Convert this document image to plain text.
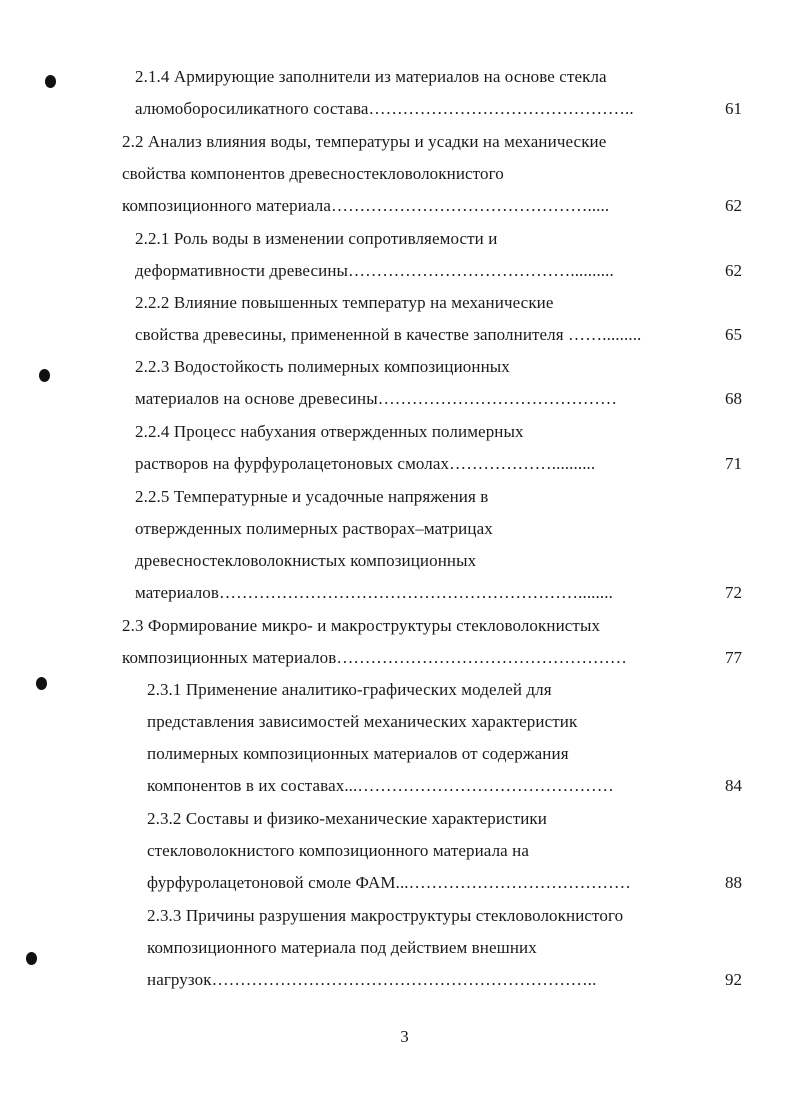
2.1.4 Армирующие заполнители из материалов на основе стекла
алюмоборосиликатного состава………………………………………..	61
2.2 Анализ влияния воды, температуры и усадки на механические
свойства компонентов древесностекловолокнистого
композиционного материала……………………………………….....	62
2.2.1 Роль воды в изменении сопротивляемости и
деформативности древесины…………………………………..........	62
2.2.2 Влияние повышенных температур на механические
свойства древесины, примененной в качестве заполнителя …….........	65
2.2.3 Водостойкость полимерных композиционных
материалов на основе древесины……………………………………	68
2.2.4 Процесс набухания отвержденных полимерных
растворов на фурфуролацетоновых смолах………………..........	71
2.2.5 Температурные и усадочные напряжения в
отвержденных полимерных растворах–матрицах
древесностекловолокнистых композиционных
материалов………………………………………………………........	72
2.3 Формирование микро- и макроструктуры стекловолокнистых
композиционных материалов……………………………………………	77
2.3.1 Применение аналитико-графических моделей для
представления зависимостей механических характеристик
полимерных композиционных материалов от содержания
компонентов в их составах...………………………………………	84
2.3.2 Составы и физико-механические характеристики
стекловолокнистого композиционного материала на
фурфуролацетоновой смоле ФАМ...…………………………………	88
2.3.3 Причины разрушения макроструктуры стекловолокнистого
композиционного материала под действием внешних
нагрузок…………………………………………………………..	92
3
